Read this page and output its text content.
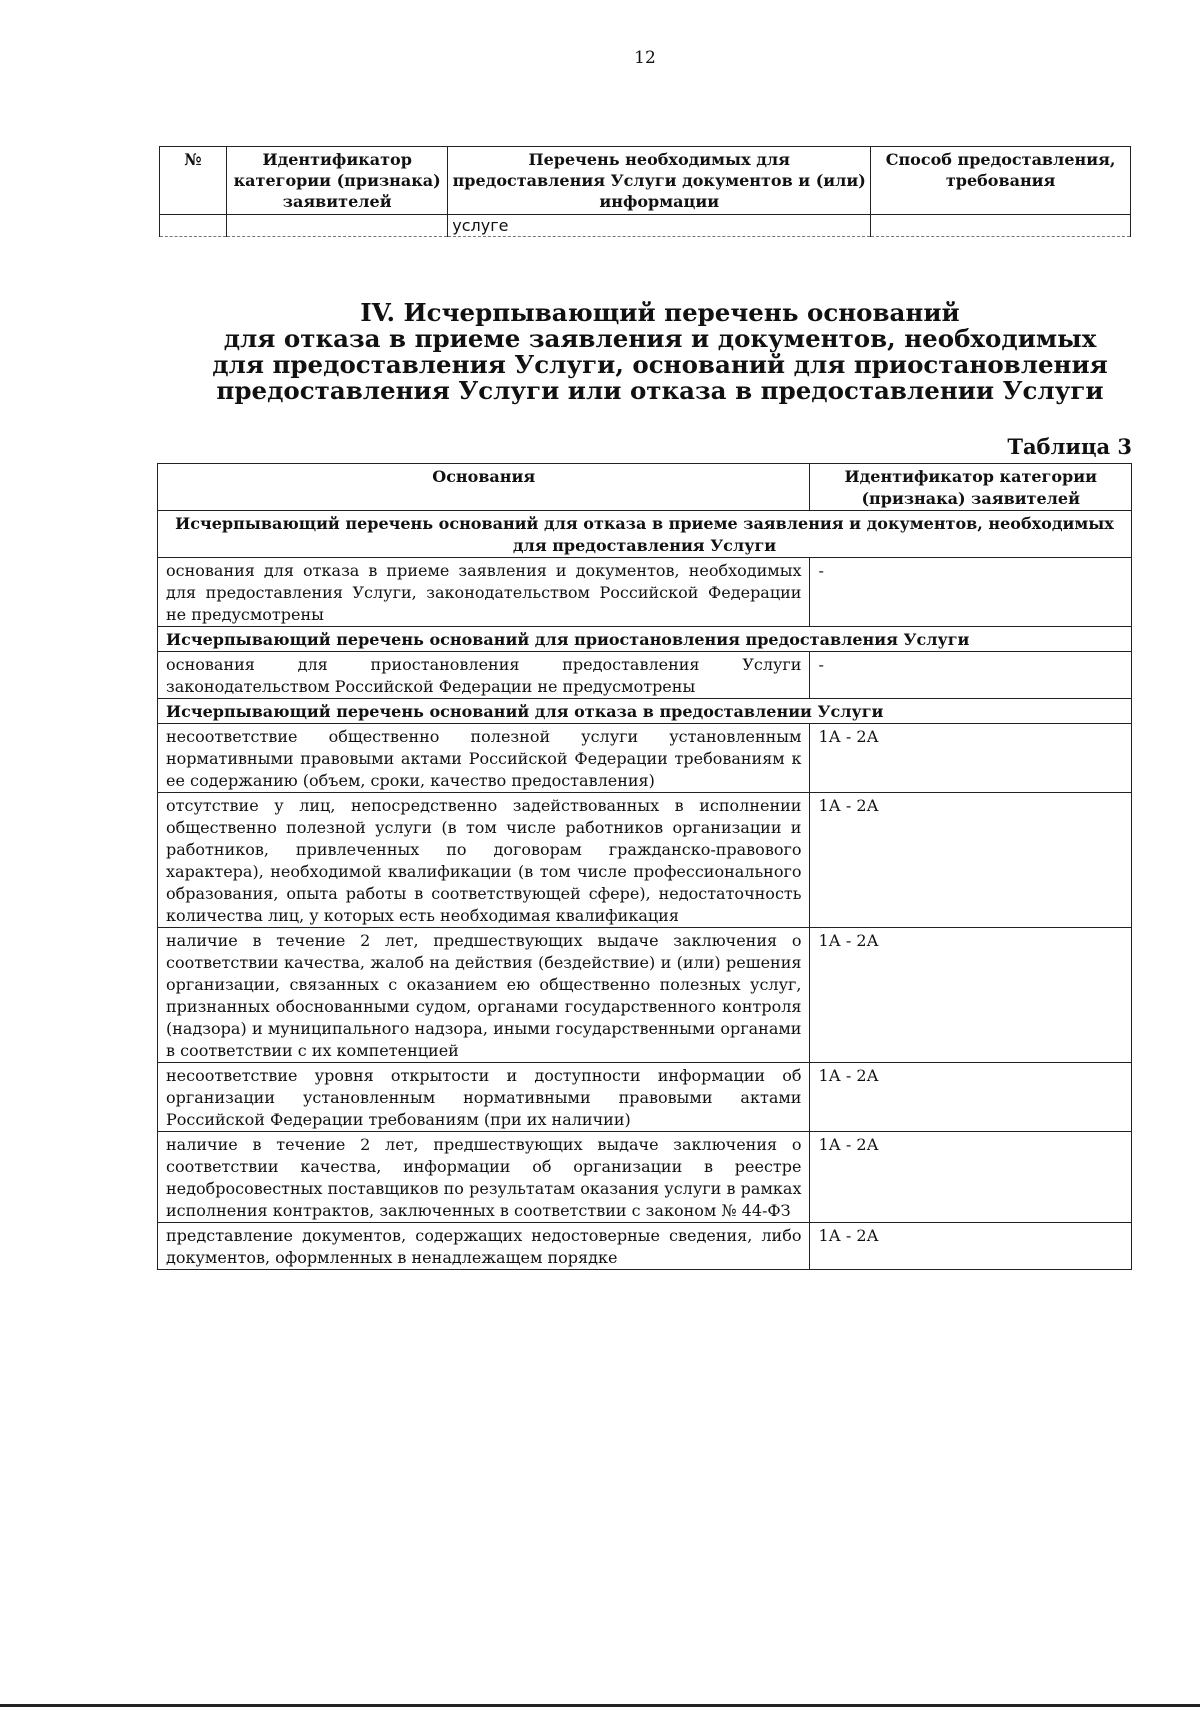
12
№	Идентификатор категории (признака) заявителей	Перечень необходимых для предоставления Услуги документов и (или) информации	Способ предоставления, требования
		услуге	
IV. Исчерпывающий перечень оснований
для отказа в приеме заявления и документов, необходимых
для предоставления Услуги, оснований для приостановления
предоставления Услуги или отказа в предоставлении Услуги
Таблица 3
Основания	Идентификатор категории (признака) заявителей
Исчерпывающий перечень оснований для отказа в приеме заявления и документов, необходимых для предоставления Услуги	
основания для отказа в приеме заявления и документов, необходимых для предоставления Услуги, законодательством Российской Федерации не предусмотрены	-
Исчерпывающий перечень оснований для приостановления предоставления Услуги	
основания для приостановления предоставления Услуги законодательством Российской Федерации не предусмотрены	-
Исчерпывающий перечень оснований для отказа в предоставлении Услуги	
несоответствие общественно полезной услуги установленным нормативными правовыми актами Российской Федерации требованиям к ее содержанию (объем, сроки, качество предоставления)	1А - 2А
отсутствие у лиц, непосредственно задействованных в исполнении общественно полезной услуги (в том числе работников организации и работников, привлеченных по договорам гражданско-правового характера), необходимой квалификации (в том числе профессионального образования, опыта работы в соответствующей сфере), недостаточность количества лиц, у которых есть необходимая квалификация	1А - 2А
наличие в течение 2 лет, предшествующих выдаче заключения о соответствии качества, жалоб на действия (бездействие) и (или) решения организации, связанных с оказанием ею общественно полезных услуг, признанных обоснованными судом, органами государственного контроля (надзора) и муниципального надзора, иными государственными органами в соответствии с их компетенцией	1А - 2А
несоответствие уровня открытости и доступности информации об организации установленным нормативными правовыми актами Российской Федерации требованиям (при их наличии)	1А - 2А
наличие в течение 2 лет, предшествующих выдаче заключения о соответствии качества, информации об организации в реестре недобросовестных поставщиков по результатам оказания услуги в рамках исполнения контрактов, заключенных в соответствии с законом № 44-ФЗ	1А - 2А
представление документов, содержащих недостоверные сведения, либо документов, оформленных в ненадлежащем порядке	1А - 2А
